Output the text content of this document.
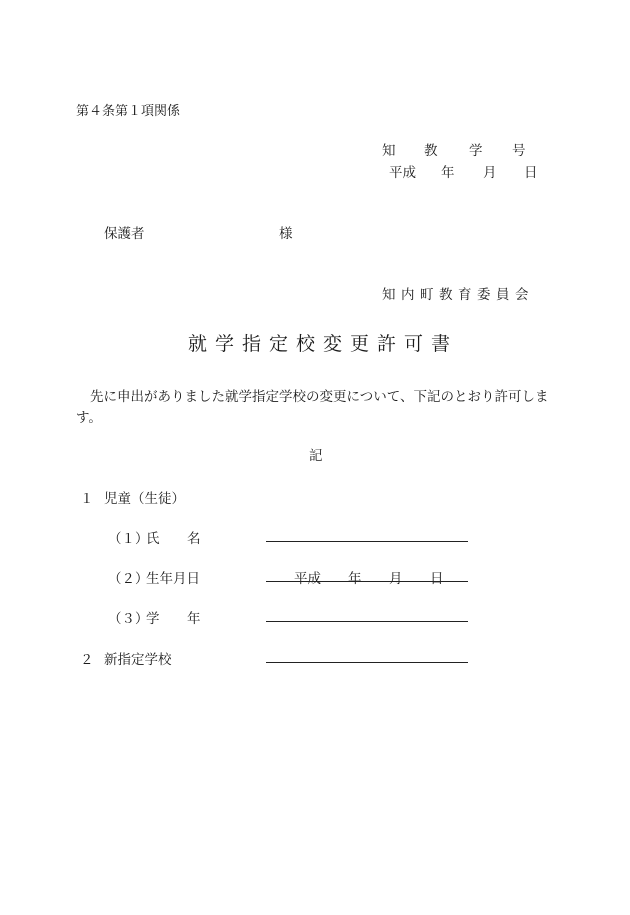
第４条第１項関係
知 教 学 号
平成 年 月 日
保護者	様
知 内 町 教 育 委 員 会
就 学 指 定 校 変 更 許 可 書
先に申出がありました就学指定学校の変更について、下記のとおり許可しま
す。
記
１ 児童（生徒）
（１）
氏 名
（２）
生年月日	平成 年 月 日
（３）
学 年
２ 新指定学校
